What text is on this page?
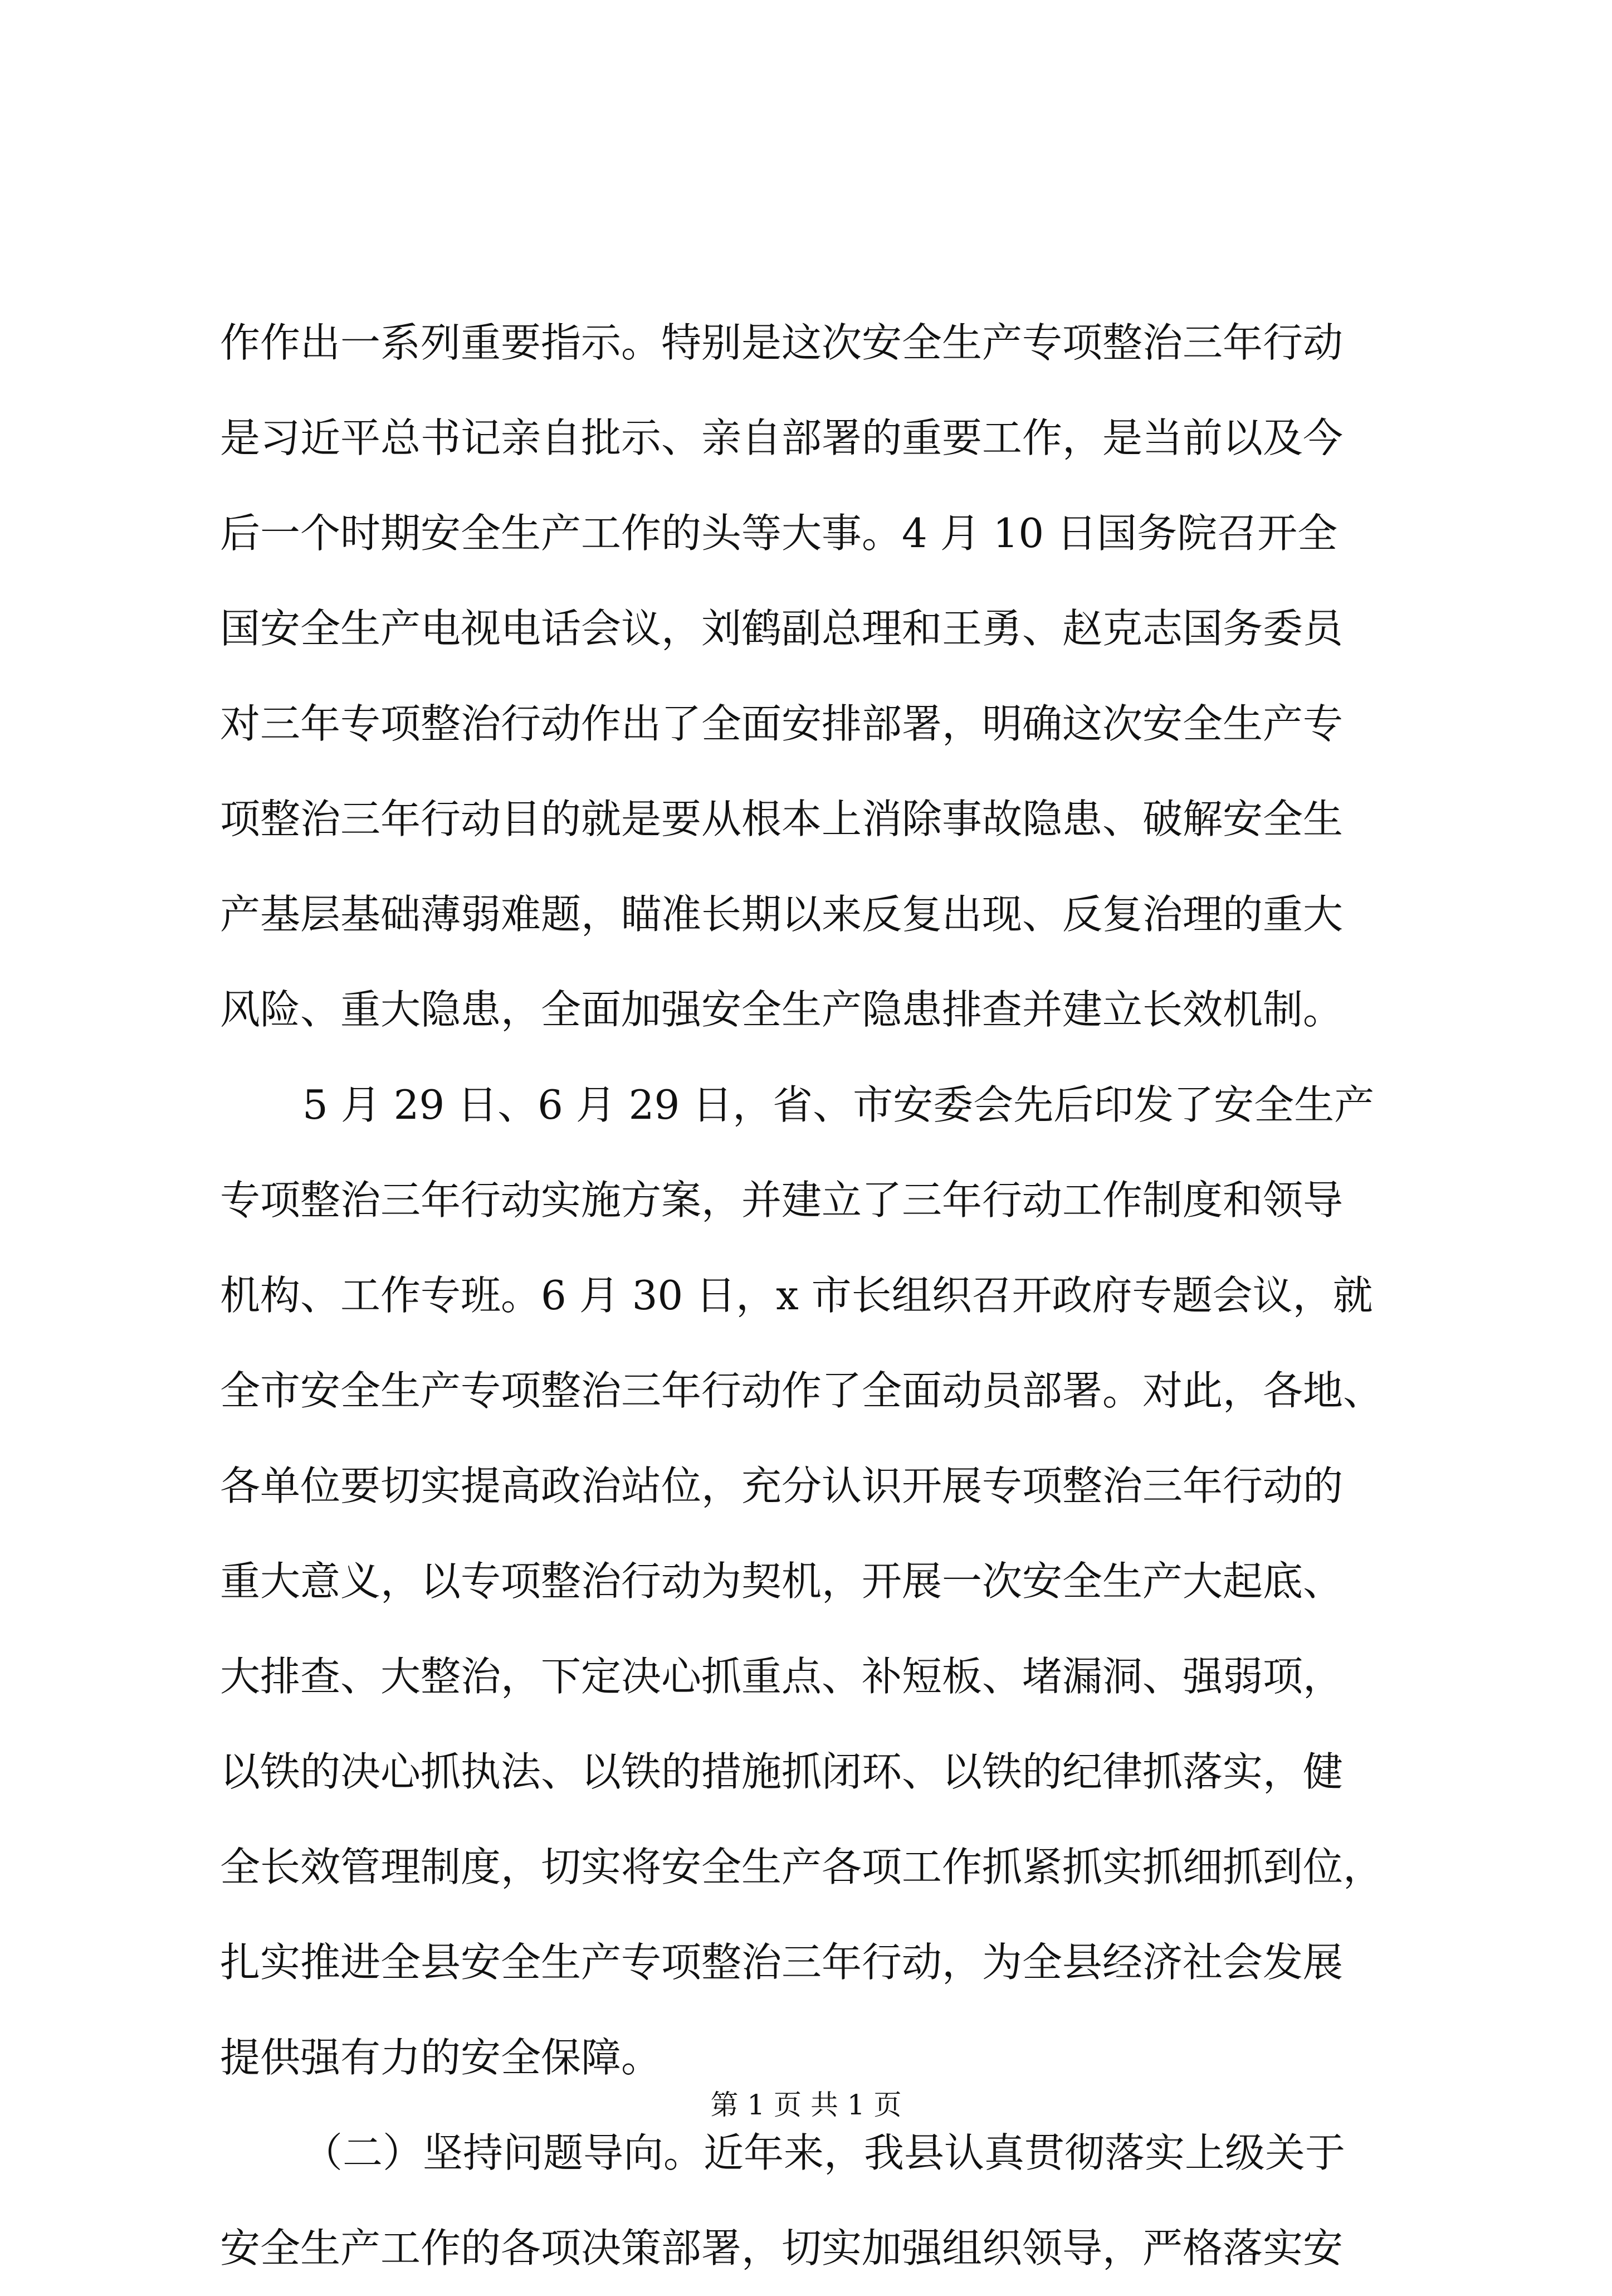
作作出一系列重要指示。特别是这次安全生产专项整治三年行动
是习近平总书记亲自批示、亲自部署的重要工作，是当前以及今
后一个时期安全生产工作的头等大事。4 月 10 日国务院召开全
国安全生产电视电话会议，刘鹤副总理和王勇、赵克志国务委员
对三年专项整治行动作出了全面安排部署，明确这次安全生产专
项整治三年行动目的就是要从根本上消除事故隐患、破解安全生
产基层基础薄弱难题，瞄准长期以来反复出现、反复治理的重大
风险、重大隐患，全面加强安全生产隐患排查并建立长效机制。
5 月 29 日、6 月 29 日，省、市安委会先后印发了安全生产
专项整治三年行动实施方案，并建立了三年行动工作制度和领导
机构、工作专班。6 月 30 日，x 市长组织召开政府专题会议，就
全市安全生产专项整治三年行动作了全面动员部署。对此，各地、
各单位要切实提高政治站位，充分认识开展专项整治三年行动的
重大意义，以专项整治行动为契机，开展一次安全生产大起底、
大排查、大整治，下定决心抓重点、补短板、堵漏洞、强弱项，
以铁的决心抓执法、以铁的措施抓闭环、以铁的纪律抓落实，健
全长效管理制度，切实将安全生产各项工作抓紧抓实抓细抓到位，
扎实推进全县安全生产专项整治三年行动，为全县经济社会发展
提供强有力的安全保障。
（二）坚持问题导向。近年来，我县认真贯彻落实上级关于
安全生产工作的各项决策部署，切实加强组织领导，严格落实安
第 1 页 共 1 页
